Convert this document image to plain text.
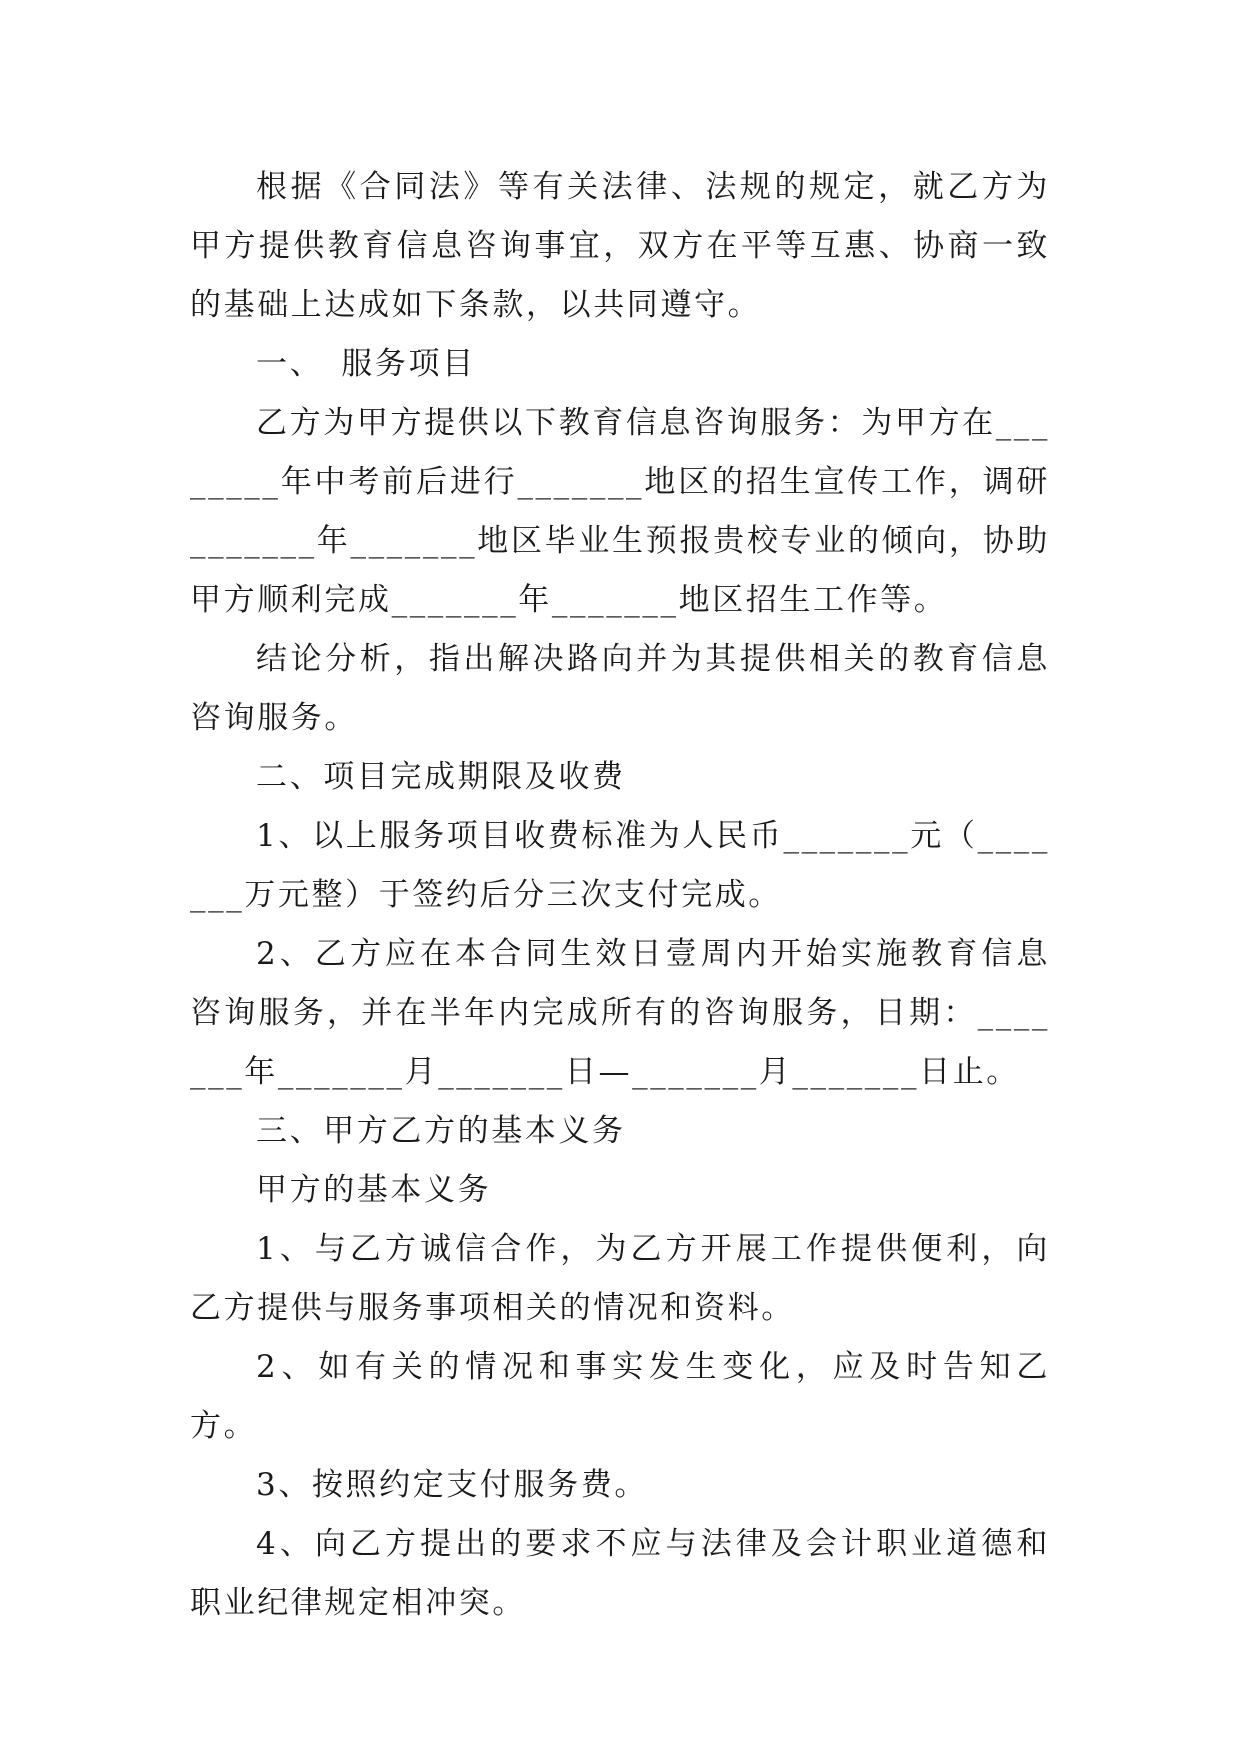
根据《合同法》等有关法律、法规的规定，就乙方为甲方提供教育信息咨询事宜，双方在平等互惠、协商一致的基础上达成如下条款，以共同遵守。

一、　服务项目

乙方为甲方提供以下教育信息咨询服务：为甲方在________年中考前后进行_______地区的招生宣传工作，调研_______年_______地区毕业生预报贵校专业的倾向，协助甲方顺利完成_______年_______地区招生工作等。

结论分析，指出解决路向并为其提供相关的教育信息咨询服务。

二、项目完成期限及收费

1、以上服务项目收费标准为人民币_______元（_______万元整）于签约后分三次支付完成。

2、乙方应在本合同生效日壹周内开始实施教育信息咨询服务，并在半年内完成所有的咨询服务，日期：_______年_______月_______日—_______月_______日止。

三、甲方乙方的基本义务

甲方的基本义务

1、与乙方诚信合作，为乙方开展工作提供便利，向乙方提供与服务事项相关的情况和资料。

2、如有关的情况和事实发生变化，应及时告知乙方。

3、按照约定支付服务费。

4、向乙方提出的要求不应与法律及会计职业道德和职业纪律规定相冲突。
